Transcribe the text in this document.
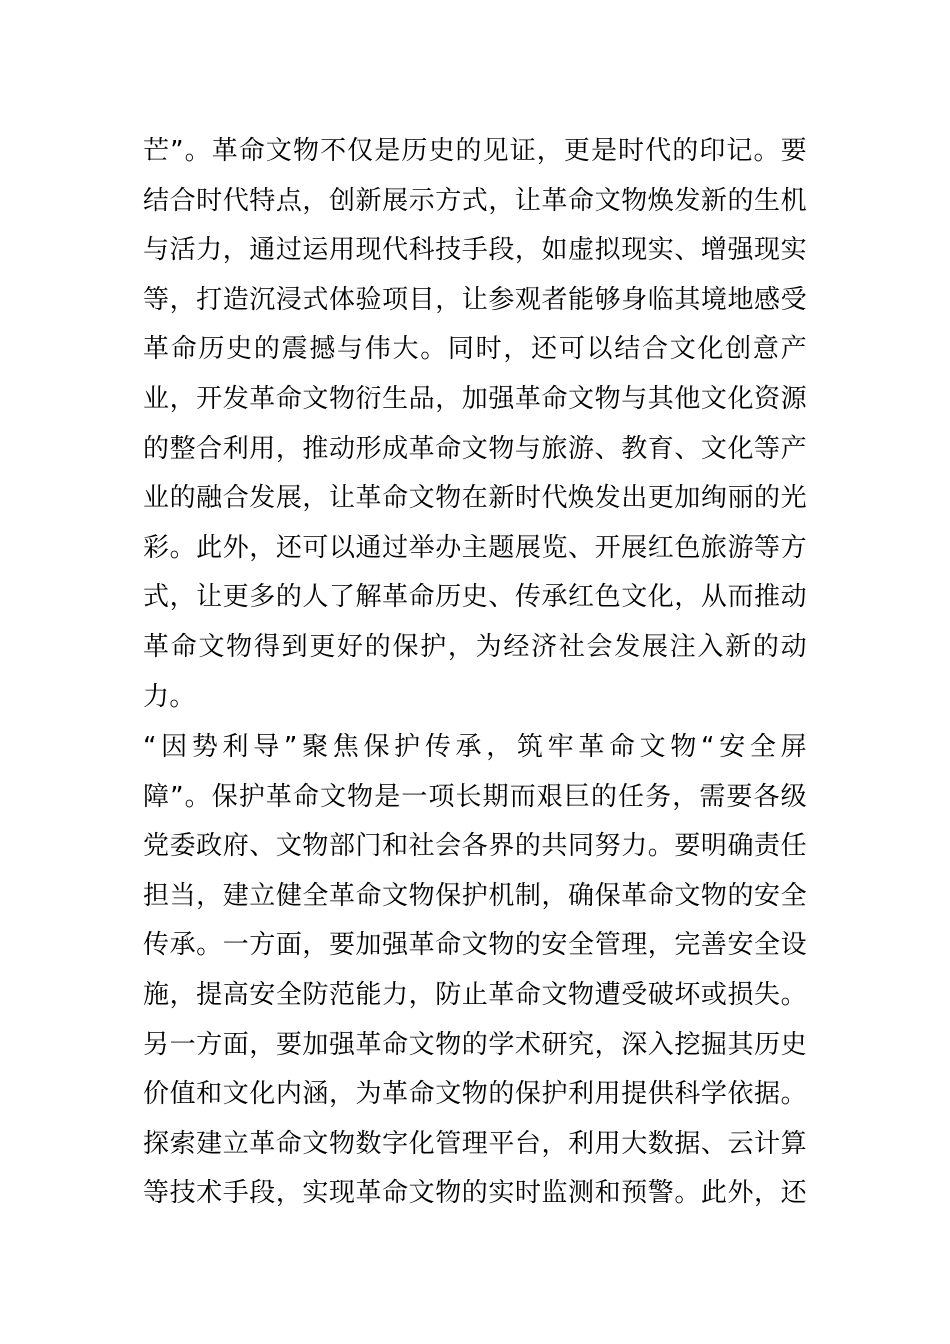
芒”。革命文物不仅是历史的见证，更是时代的印记。要
结合时代特点，创新展示方式，让革命文物焕发新的生机
与活力，通过运用现代科技手段，如虚拟现实、增强现实
等，打造沉浸式体验项目，让参观者能够身临其境地感受
革命历史的震撼与伟大。同时，还可以结合文化创意产
业，开发革命文物衍生品，加强革命文物与其他文化资源
的整合利用，推动形成革命文物与旅游、教育、文化等产
业的融合发展，让革命文物在新时代焕发出更加绚丽的光
彩。此外，还可以通过举办主题展览、开展红色旅游等方
式，让更多的人了解革命历史、传承红色文化，从而推动
革命文物得到更好的保护，为经济社会发展注入新的动
力。
“因势利导”聚焦保护传承，筑牢革命文物“安全屏
障”。保护革命文物是一项长期而艰巨的任务，需要各级
党委政府、文物部门和社会各界的共同努力。要明确责任
担当，建立健全革命文物保护机制，确保革命文物的安全
传承。一方面，要加强革命文物的安全管理，完善安全设
施，提高安全防范能力，防止革命文物遭受破坏或损失。
另一方面，要加强革命文物的学术研究，深入挖掘其历史
价值和文化内涵，为革命文物的保护利用提供科学依据。
探索建立革命文物数字化管理平台，利用大数据、云计算
等技术手段，实现革命文物的实时监测和预警。此外，还
